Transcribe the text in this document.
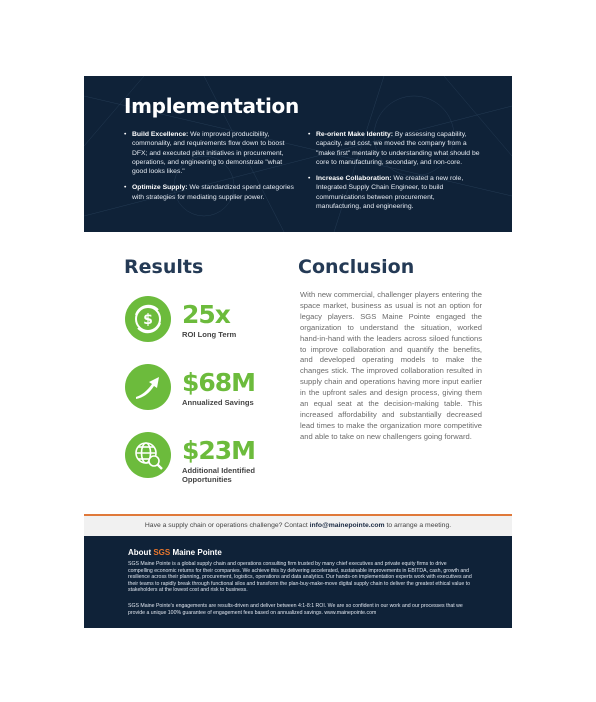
Implementation
• Build Excellence: We improved producibility, commonality, and requirements flow down to boost DFX; and executed pilot initiatives in procurement, operations, and engineering to demonstrate "what good looks likes."
• Optimize Supply: We standardized spend categories with strategies for mediating supplier power.
• Re-orient Make Identity: By assessing capability, capacity, and cost, we moved the company from a "make first" mentality to understanding what should be core to manufacturing, secondary, and non-core.
• Increase Collaboration: We created a new role, Integrated Supply Chain Engineer, to build communications between procurement, manufacturing, and engineering.
Results
$ 25x
ROI Long Term
$68M
Annualized Savings
$23M
Additional Identified Opportunities
Conclusion
With new commercial, challenger players entering the space market, business as usual is not an option for legacy players. SGS Maine Pointe engaged the organization to understand the situation, worked hand-in-hand with the leaders across siloed functions to improve collaboration and quantify the benefits, and developed operating models to make the changes stick. The improved collaboration resulted in supply chain and operations having more input earlier in the upfront sales and design process, giving them an equal seat at the decision-making table. This increased affordability and substantially decreased lead times to make the organization more competitive and able to take on new challengers going forward.
Have a supply chain or operations challenge? Contact info@mainepointe.com to arrange a meeting.
About SGS Maine Pointe

SGS Maine Pointe is a global supply chain and operations consulting firm trusted by many chief executives and private equity firms to drive compelling economic returns for their companies. We achieve this by delivering accelerated, sustainable improvements in EBITDA, cash, growth and resilience across their planning, procurement, logistics, operations and data analytics. Our hands-on implementation experts work with executives and their teams to rapidly break through functional silos and transform the plan-buy-make-move digital supply chain to deliver the greatest ethical value to stakeholders at the lowest cost and risk to business.

SGS Maine Pointe's engagements are results-driven and deliver between 4:1-8:1 ROI. We are so confident in our work and our processes that we provide a unique 100% guarantee of engagement fees based on annualized savings. www.mainepointe.com
